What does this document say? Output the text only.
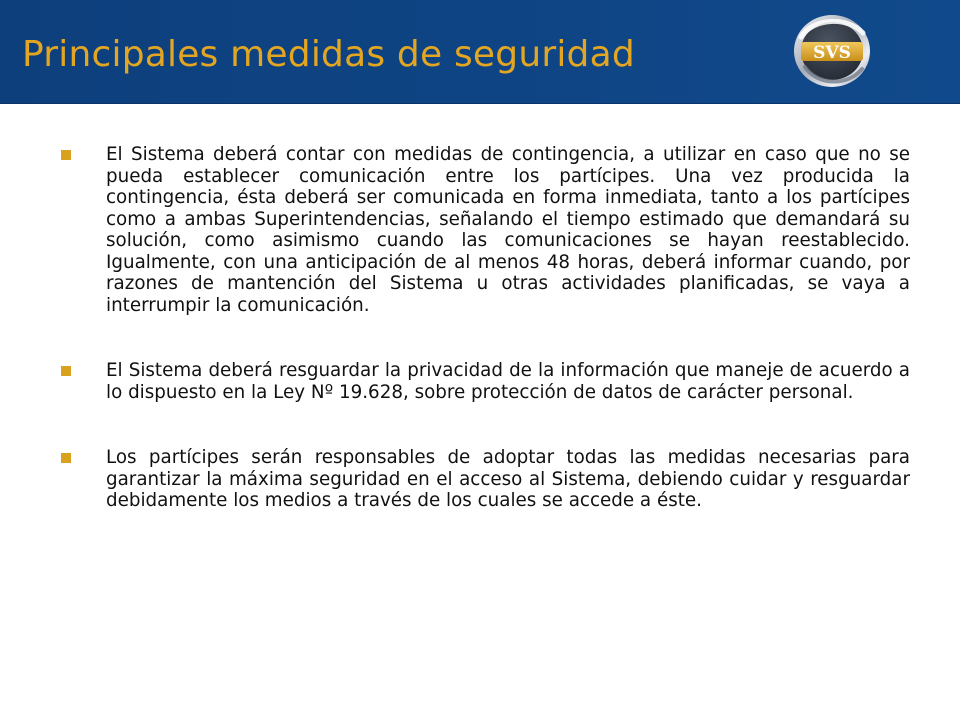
Principales medidas de seguridad	SVS
El Sistema deberá contar con medidas de contingencia, a utilizar en caso que no se pueda establecer comunicación entre los partícipes. Una vez producida la contingencia, ésta deberá ser comunicada en forma inmediata, tanto a los partícipes como a ambas Superintendencias, señalando el tiempo estimado que demandará su solución, como asimismo cuando las comunicaciones se hayan reestablecido. Igualmente, con una anticipación de al menos 48 horas, deberá informar cuando, por razones de mantención del Sistema u otras actividades planificadas, se vaya a interrumpir la comunicación.
El Sistema deberá resguardar la privacidad de la información que maneje de acuerdo a lo dispuesto en la Ley Nº 19.628, sobre protección de datos de carácter personal.
Los partícipes serán responsables de adoptar todas las medidas necesarias para garantizar la máxima seguridad en el acceso al Sistema, debiendo cuidar y resguardar debidamente los medios a través de los cuales se accede a éste.
